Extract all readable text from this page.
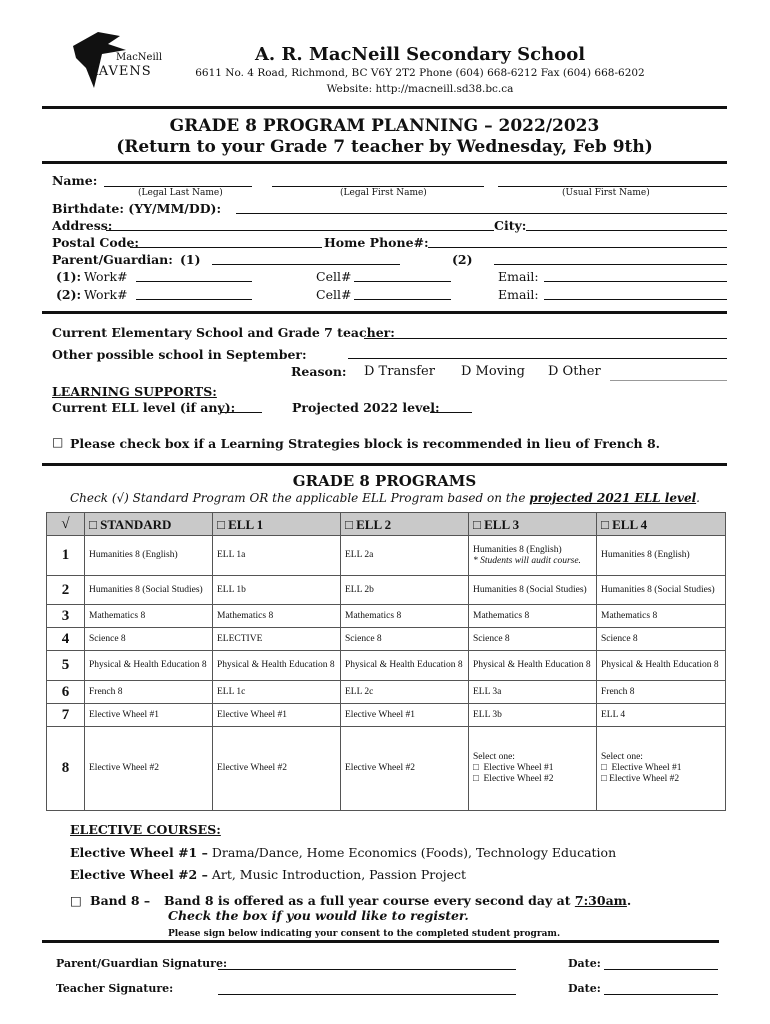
MacNeill
RAVENS
A. R. MacNeill Secondary School
6611 No. 4 Road, Richmond, BC V6Y 2T2 Phone (604) 668-6212 Fax (604) 668-6202
Website: http://macneill.sd38.bc.ca
GRADE 8 PROGRAM PLANNING – 2022/2023
(Return to your Grade 7 teacher by Wednesday, Feb 9th)
Name:
(Legal Last Name)	(Legal First Name)	(Usual First Name)
Birthdate: (YY/MM/DD):
Address:	City:
Postal Code:	Home Phone#:
Parent/Guardian: (1)	(2)
(1): Work#	Cell#	Email:
(2): Work#	Cell#	Email:
Current Elementary School and Grade 7 teacher:
Other possible school in September:
Reason: D Transfer D Moving D Other
LEARNING SUPPORTS:
Current ELL level (if any):	Projected 2022 level:
□ Please check box if a Learning Strategies block is recommended in lieu of French 8.
GRADE 8 PROGRAMS
Check (√) Standard Program OR the applicable ELL Program based on the projected 2021 ELL level.
√	□ STANDARD	□ ELL 1	□ ELL 2	□ ELL 3	□ ELL 4
1	Humanities 8 (English)	ELL 1a	ELL 2a	Humanities 8 (English)
* Students will audit course.	Humanities 8 (English)
2	Humanities 8 (Social Studies)	ELL 1b	ELL 2b	Humanities 8 (Social Studies)	Humanities 8 (Social Studies)
3	Mathematics 8	Mathematics 8	Mathematics 8	Mathematics 8	Mathematics 8
4	Science 8	ELECTIVE	Science 8	Science 8	Science 8
5	Physical & Health Education 8	Physical & Health Education 8	Physical & Health Education 8	Physical & Health Education 8	Physical & Health Education 8
6	French 8	ELL 1c	ELL 2c	ELL 3a	French 8
7	Elective Wheel #1	Elective Wheel #1	Elective Wheel #1	ELL 3b	ELL 4
8	Elective Wheel #2	Elective Wheel #2	Elective Wheel #2	Select one:
□  Elective Wheel #1
□  Elective Wheel #2	Select one:
□  Elective Wheel #1
□ Elective Wheel #2
ELECTIVE COURSES:
Elective Wheel #1 – Drama/Dance, Home Economics (Foods), Technology Education
Elective Wheel #2 – Art, Music Introduction, Passion Project
□ Band 8 – Band 8 is offered as a full year course every second day at 7:30am.
Check the box if you would like to register.
Please sign below indicating your consent to the completed student program.
Parent/Guardian Signature:	Date:
Teacher Signature:	Date:
